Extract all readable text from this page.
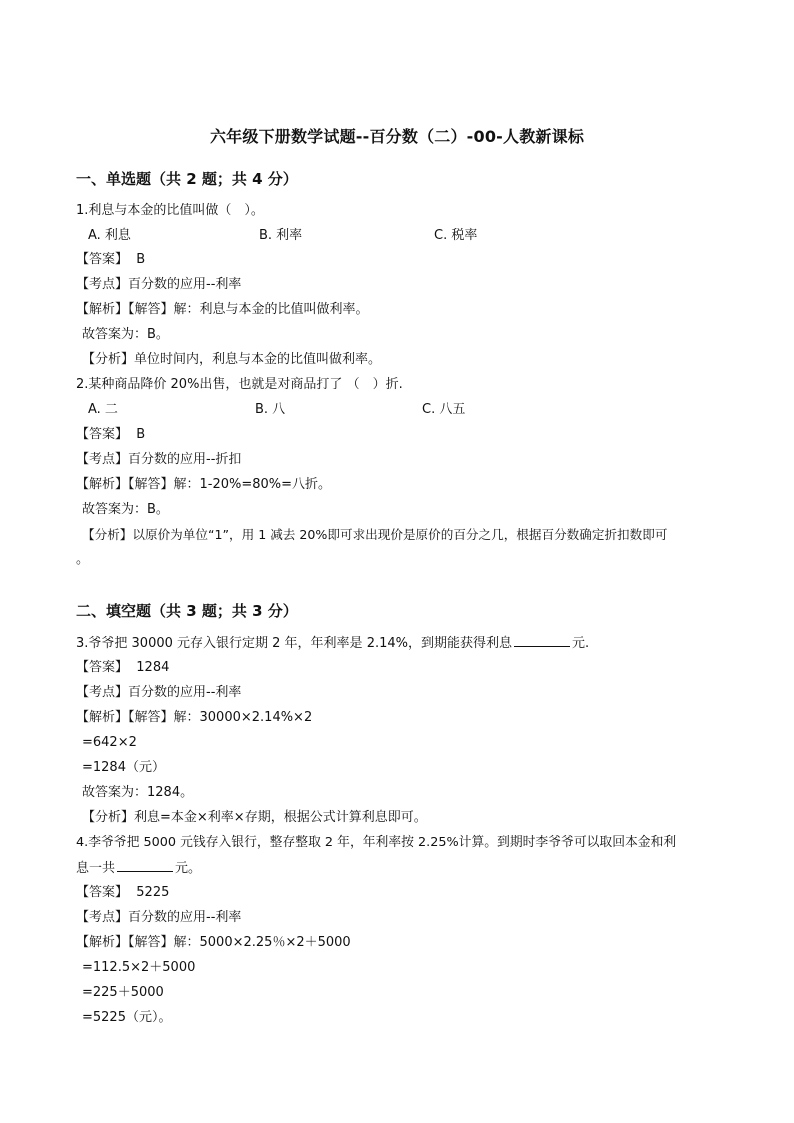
六年级下册数学试题--百分数（二）-00-人教新课标
一、单选题（共 2 题；共 4 分）
1.利息与本金的比值叫做（　）。
A. 利息	B. 利率	C. 税率
【答案】 B
【考点】百分数的应用--利率
【解析】【解答】解：利息与本金的比值叫做利率。
故答案为：B。
【分析】单位时间内，利息与本金的比值叫做利率。
2.某种商品降价 20%出售，也就是对商品打了 （　）折.
A. 二	B. 八	C. 八五
【答案】 B
【考点】百分数的应用--折扣
【解析】【解答】解：1-20%=80%=八折。
故答案为：B。
【分析】以原价为单位“1”，用 1 减去 20%即可求出现价是原价的百分之几，根据百分数确定折扣数即可
。
二、填空题（共 3 题；共 3 分）
3.爷爷把 30000 元存入银行定期 2 年，年利率是 2.14%，到期能获得利息	元.
【答案】 1284
【考点】百分数的应用--利率
【解析】【解答】解：30000×2.14%×2
=642×2
=1284（元）
故答案为：1284。
【分析】利息=本金×利率×存期，根据公式计算利息即可。
4.李爷爷把 5000 元钱存入银行，整存整取 2 年，年利率按 2.25%计算。到期时李爷爷可以取回本金和利
息一共	元。
【答案】 5225
【考点】百分数的应用--利率
【解析】【解答】解：5000×2.25％×2＋5000
=112.5×2＋5000
=225＋5000
=5225（元）。
